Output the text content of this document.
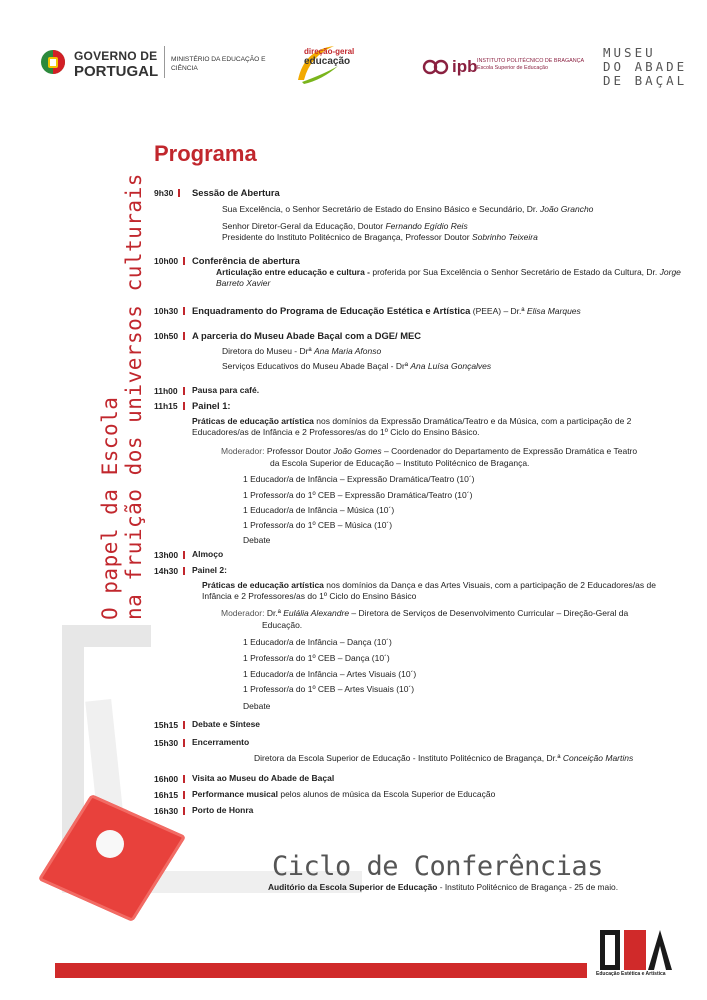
GOVERNO DE
PORTUGAL
MINISTÉRIO DA EDUCAÇÃO E CIÊNCIA
direção-geral
educação	ipb INSTITUTO POLITÉCNICO DE BRAGANÇA Escola Superior de Educação
MUSEU
DO ABADE
DE BAÇAL
O papel da Escola na fruição dos universos culturais
Programa
9h30	Sessão de Abertura
Sua Excelência, o Senhor Secretário de Estado do Ensino Básico e Secundário, Dr. João Grancho
Senhor Diretor-Geral da Educação, Doutor Fernando Egídio Reis
Presidente do Instituto Politécnico de Bragança, Professor Doutor Sobrinho Teixeira
10h00	Conferência de abertura
Articulação entre educação e cultura - proferida por Sua Excelência o Senhor Secretário de Estado da Cultura, Dr. Jorge Barreto Xavier
10h30	Enquadramento do Programa de Educação Estética e Artística (PEEA) – Dr.ª Elisa Marques
10h50	A parceria do Museu Abade Baçal com a DGE/ MEC
Diretora do Museu - Drª Ana Maria Afonso
Serviços Educativos do Museu Abade Baçal - Drª Ana Luísa Gonçalves
11h00	Pausa para café.
11h15	Painel 1:
Práticas de educação artística nos domínios da Expressão Dramática/Teatro e da Música, com a participação de 2 Educadores/as de Infância e 2 Professores/as do 1º Ciclo do Ensino Básico.
Moderador: Professor Doutor João Gomes – Coordenador do Departamento de Expressão Dramática e Teatro
da Escola Superior de Educação – Instituto Politécnico de Bragança.
1 Educador/a de Infância – Expressão Dramática/Teatro (10´)
1 Professor/a do 1º CEB – Expressão Dramática/Teatro (10´)
1 Educador/a de Infância – Música (10´)
1 Professor/a do 1º CEB – Música (10´)
Debate
13h00	Almoço
14h30	Painel 2:
Práticas de educação artística nos domínios da Dança e das Artes Visuais, com a participação de 2 Educadores/as de Infância e 2 Professores/as do 1º Ciclo do Ensino Básico
Moderador: Dr.ª Eulália Alexandre – Diretora de Serviços de Desenvolvimento Curricular – Direção-Geral da
Educação.
1 Educador/a de Infância – Dança (10´)
1 Professor/a do 1º CEB – Dança (10´)
1 Educador/a de Infância – Artes Visuais (10´)
1 Professor/a do 1º CEB – Artes Visuais (10´)
Debate
15h15	Debate e Síntese
15h30	Encerramento
Diretora da Escola Superior de Educação - Instituto Politécnico de Bragança, Dr.ª Conceição Martins
16h00	Visita ao Museu do Abade de Baçal
16h15	Performance musical pelos alunos de música da Escola Superior de Educação
16h30	Porto de Honra
Ciclo de Conferências
Auditório da Escola Superior de Educação - Instituto Politécnico de Bragança - 25 de maio.
Educação Estética e Artística
